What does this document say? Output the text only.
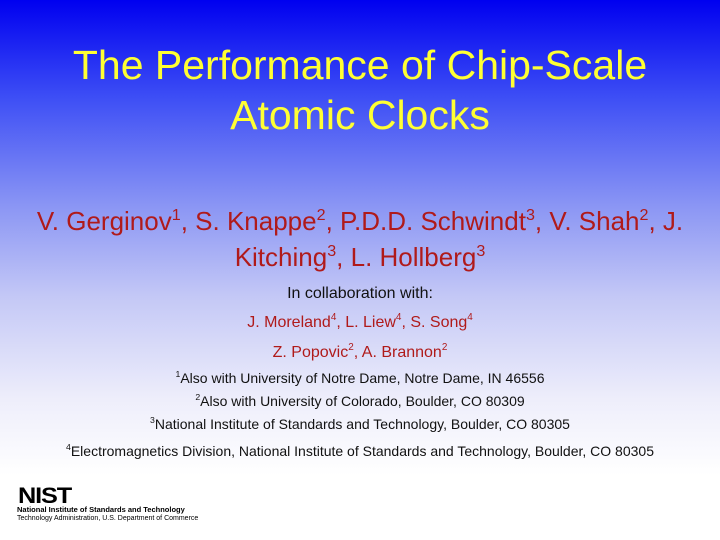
The Performance of Chip-Scale
Atomic Clocks
V. Gerginov$^1$, S. Knappe$^2$, P.D.D. Schwindt$^3$, V. Shah$^2$, J. Kitching$^3$, L. Hollberg$^3$
In collaboration with:
J. Moreland$^4$, L. Liew$^4$, S. Song$^4$
Z. Popovic$^2$, A. Brannon$^2$
$^1$Also with University of Notre Dame, Notre Dame, IN 46556
$^2$Also with University of Colorado, Boulder, CO 80309
$^3$National Institute of Standards and Technology, Boulder, CO 80305
$^4$Electromagnetics Division, National Institute of Standards and Technology, Boulder, CO 80305
NIST
National Institute of Standards and Technology
Technology Administration, U.S. Department of Commerce
